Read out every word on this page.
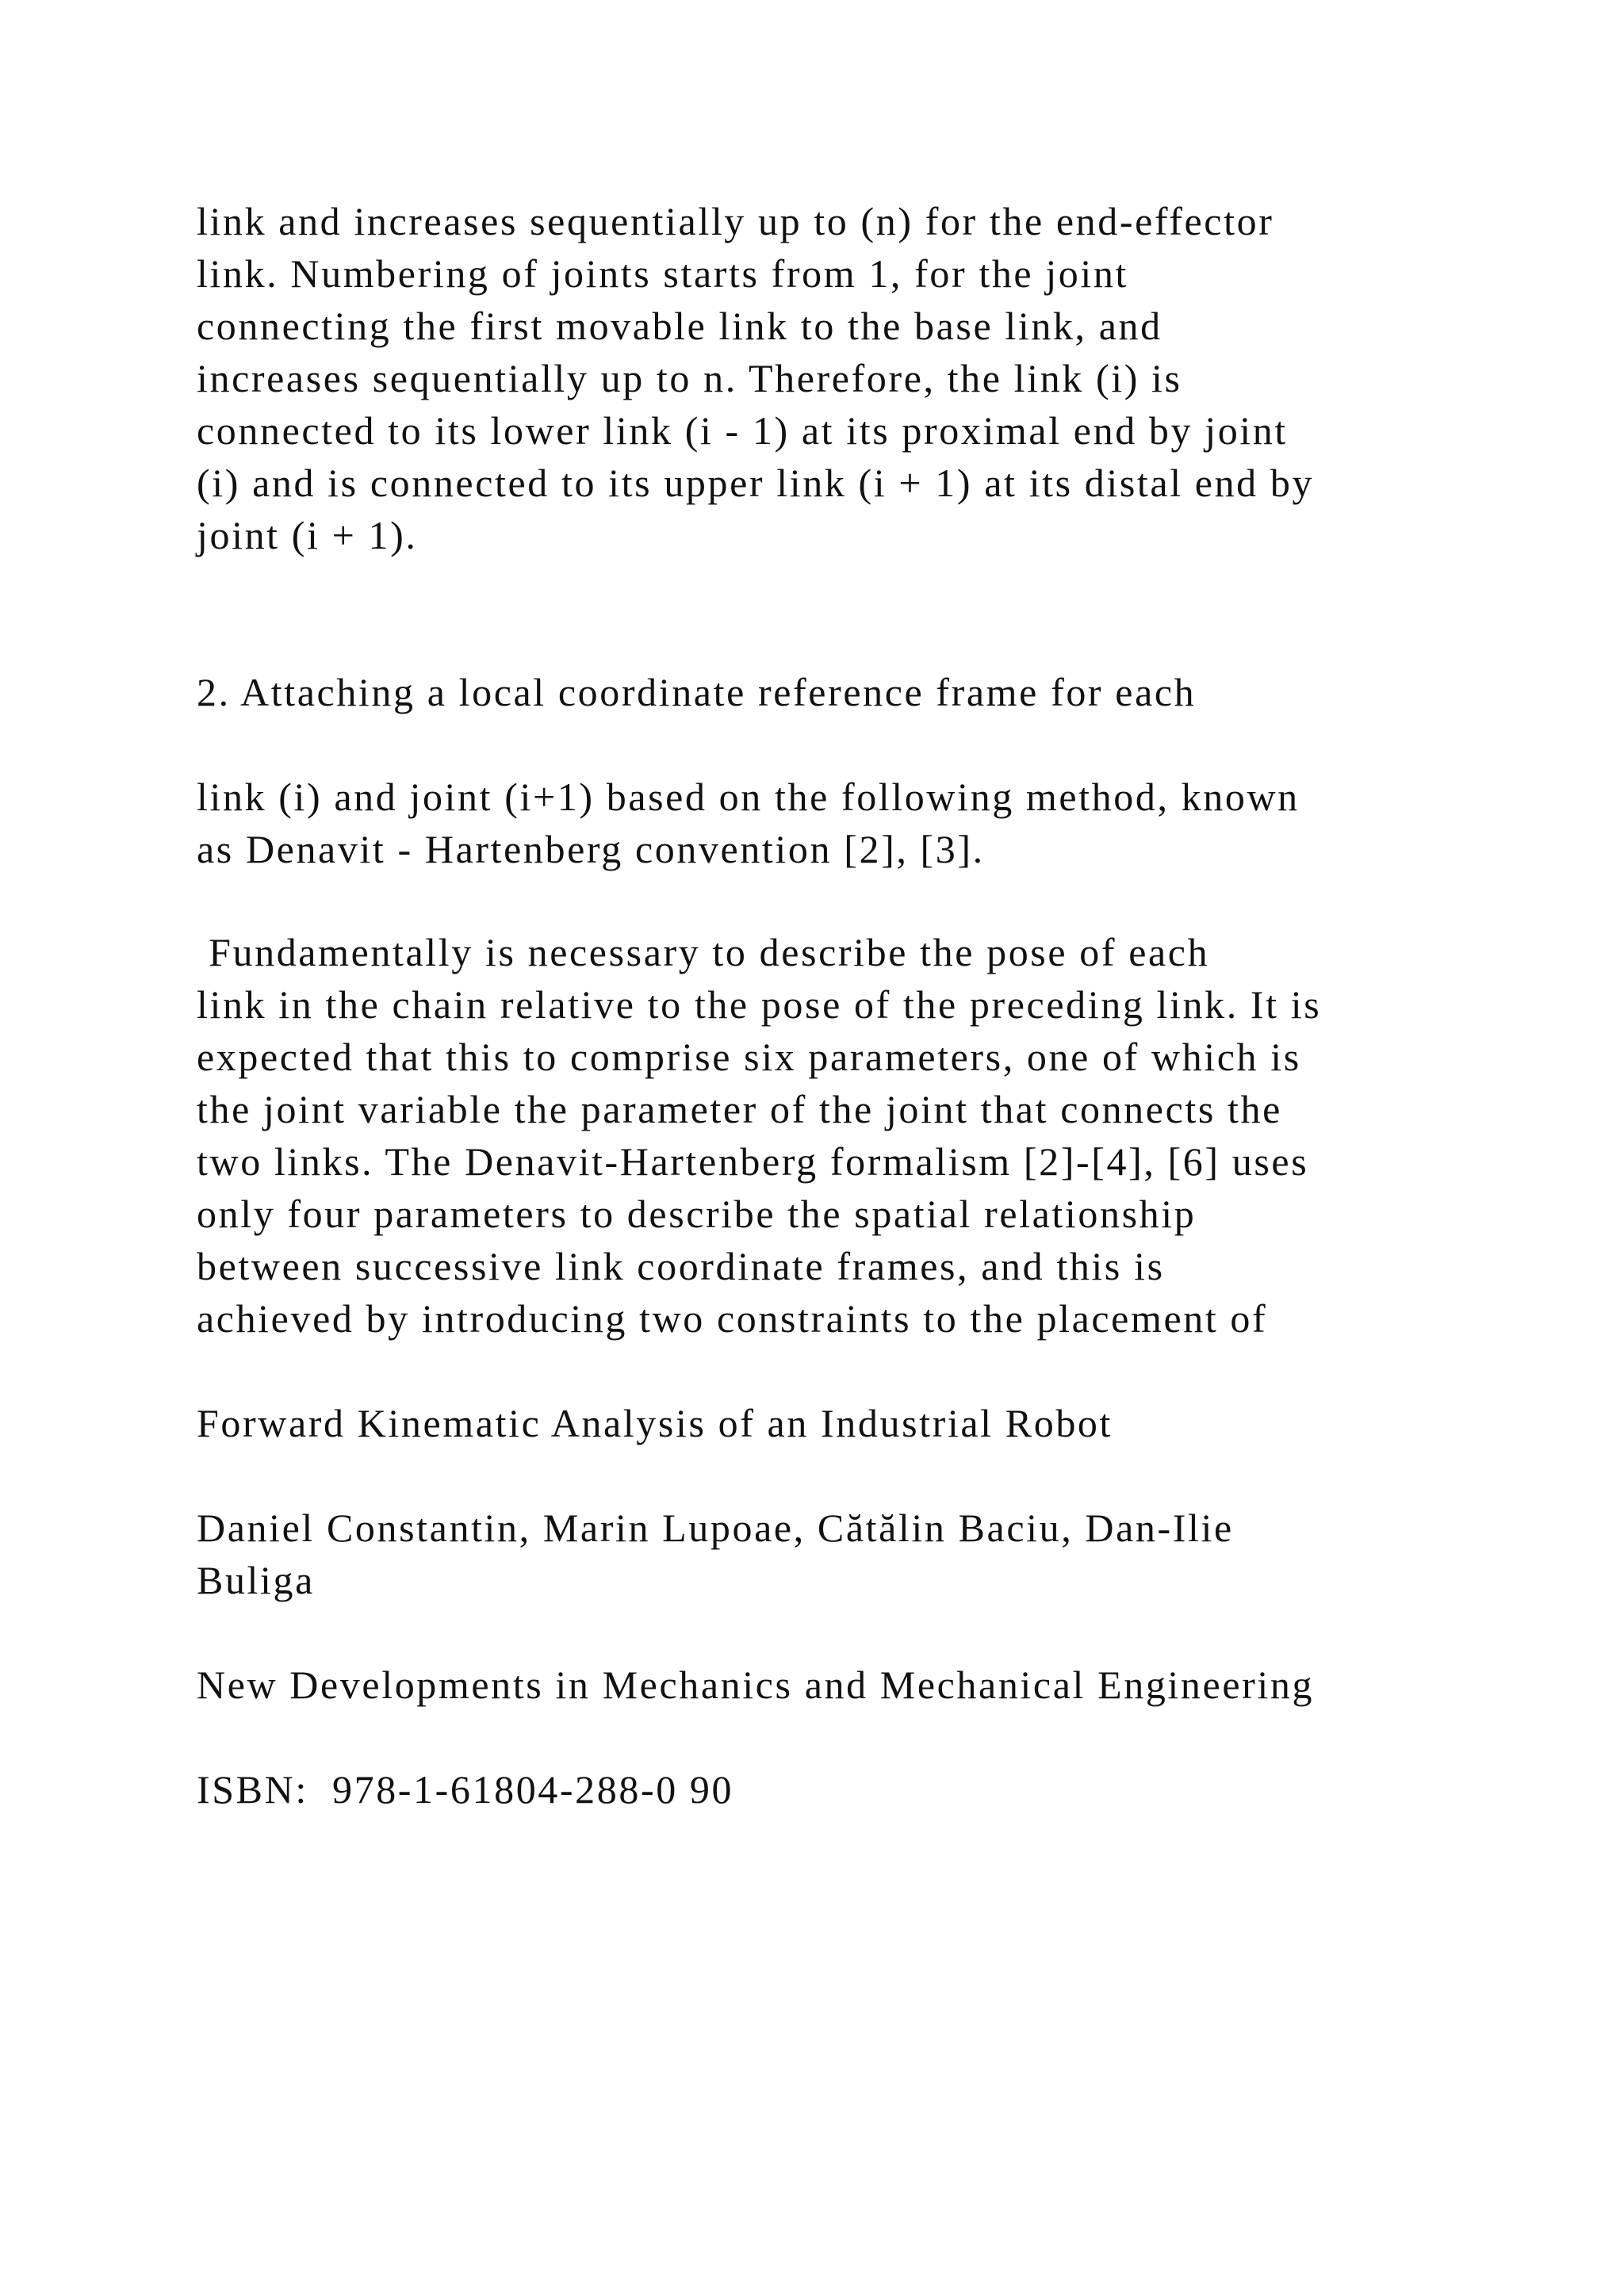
link and increases sequentially up to (n) for the end-effector

link. Numbering of joints starts from 1, for the joint

connecting the first movable link to the base link, and

increases sequentially up to n. Therefore, the link (i) is

connected to its lower link (i - 1) at its proximal end by joint

(i) and is connected to its upper link (i + 1) at its distal end by

joint (i + 1).

2. Attaching a local coordinate reference frame for each

link (i) and joint (i+1) based on the following method, known

as Denavit - Hartenberg convention [2], [3].

Fundamentally is necessary to describe the pose of each

link in the chain relative to the pose of the preceding link. It is

expected that this to comprise six parameters, one of which is

the joint variable the parameter of the joint that connects the

two links. The Denavit-Hartenberg formalism [2]-[4], [6] uses

only four parameters to describe the spatial relationship

between successive link coordinate frames, and this is

achieved by introducing two constraints to the placement of

Forward Kinematic Analysis of an Industrial Robot

Daniel Constantin, Marin Lupoae, Cătălin Baciu, Dan-Ilie

Buliga

New Developments in Mechanics and Mechanical Engineering

ISBN:  978-1-61804-288-0 90
